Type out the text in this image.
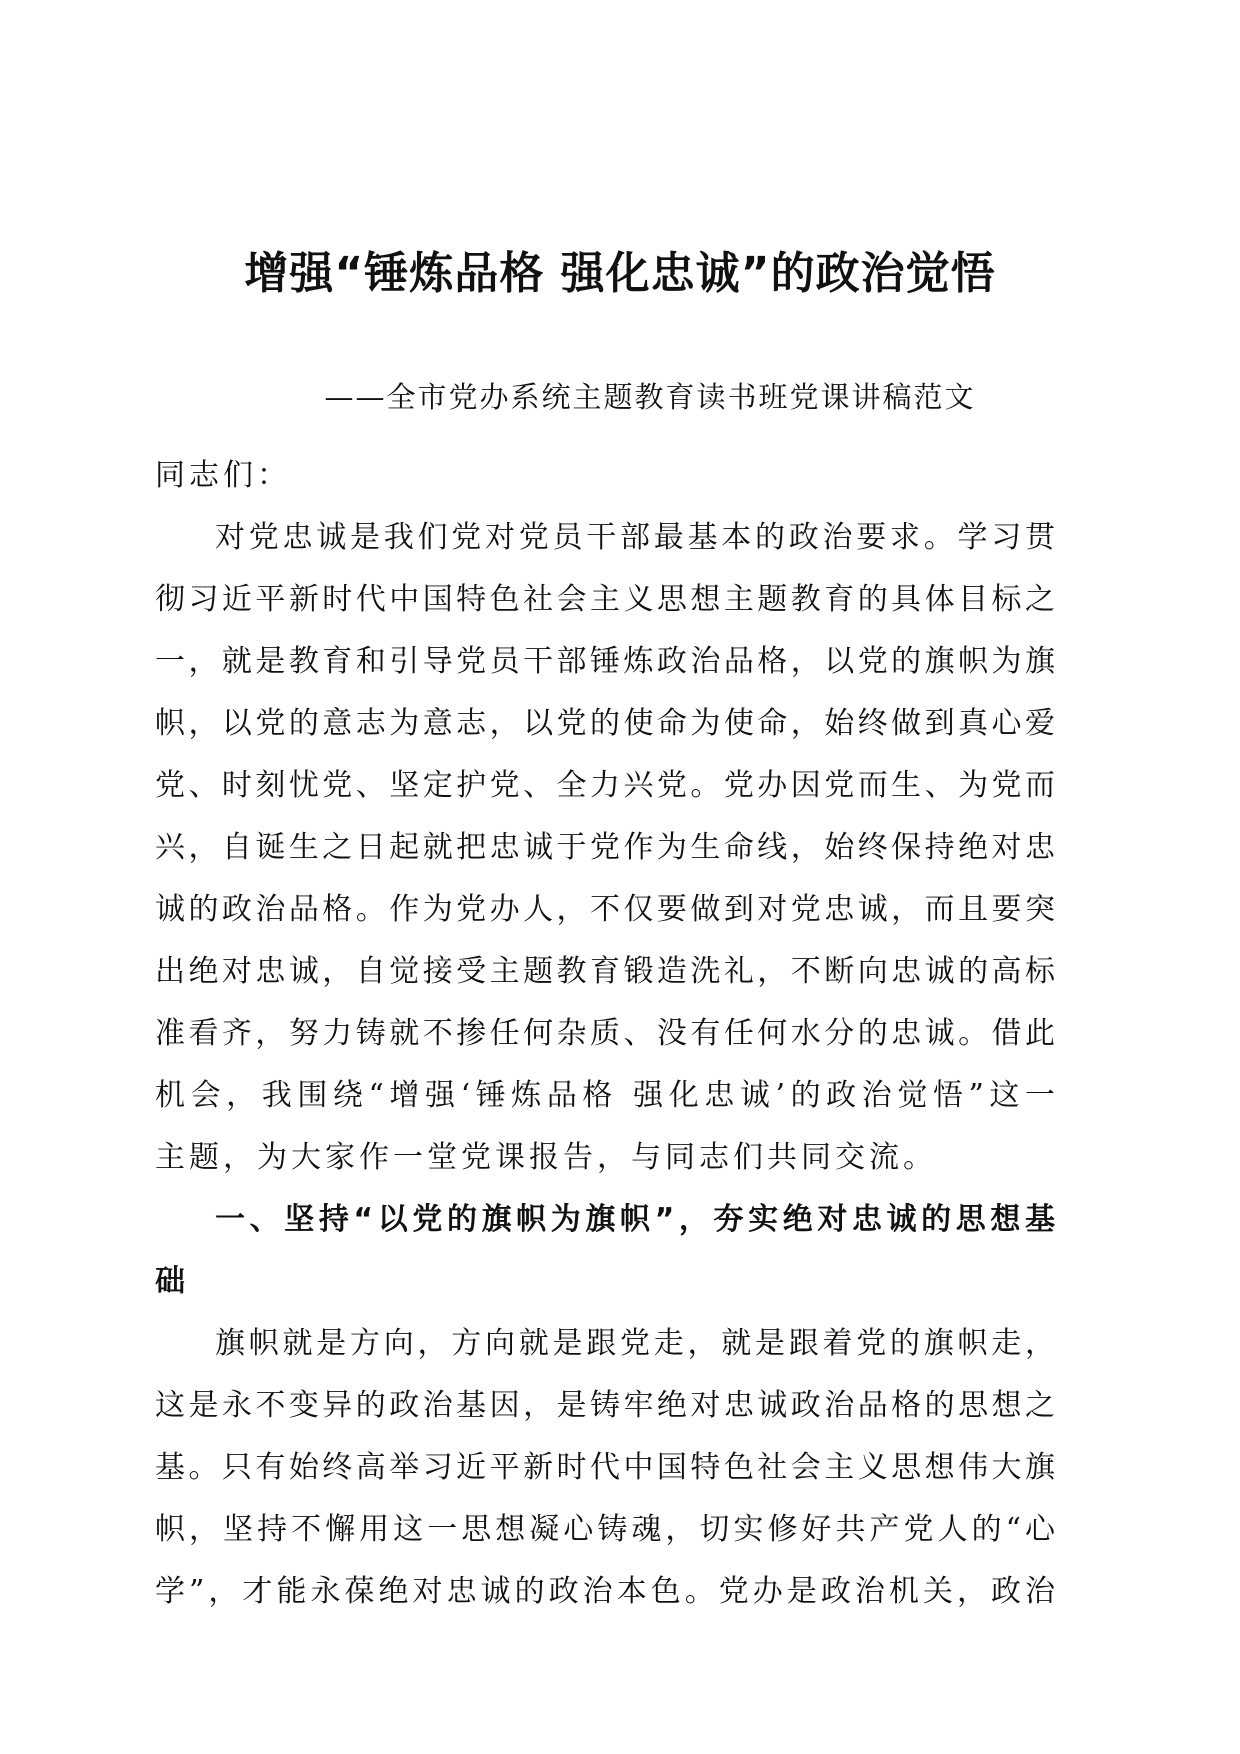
增强“锤炼品格 强化忠诚”的政治觉悟
——全市党办系统主题教育读书班党课讲稿范文
同志们：
对党忠诚是我们党对党员干部最基本的政治要求。学习贯
彻习近平新时代中国特色社会主义思想主题教育的具体目标之
一，就是教育和引导党员干部锤炼政治品格，以党的旗帜为旗
帜，以党的意志为意志，以党的使命为使命，始终做到真心爱
党、时刻忧党、坚定护党、全力兴党。党办因党而生、为党而
兴，自诞生之日起就把忠诚于党作为生命线，始终保持绝对忠
诚的政治品格。作为党办人，不仅要做到对党忠诚，而且要突
出绝对忠诚，自觉接受主题教育锻造洗礼，不断向忠诚的高标
准看齐，努力铸就不掺任何杂质、没有任何水分的忠诚。借此
机会，我围绕“增强‘锤炼品格 强化忠诚’的政治觉悟”这一
主题，为大家作一堂党课报告，与同志们共同交流。
一、坚持“以党的旗帜为旗帜”，夯实绝对忠诚的思想基
础
旗帜就是方向，方向就是跟党走，就是跟着党的旗帜走，
这是永不变异的政治基因，是铸牢绝对忠诚政治品格的思想之
基。只有始终高举习近平新时代中国特色社会主义思想伟大旗
帜，坚持不懈用这一思想凝心铸魂，切实修好共产党人的“心
学”，才能永葆绝对忠诚的政治本色。党办是政治机关，政治
